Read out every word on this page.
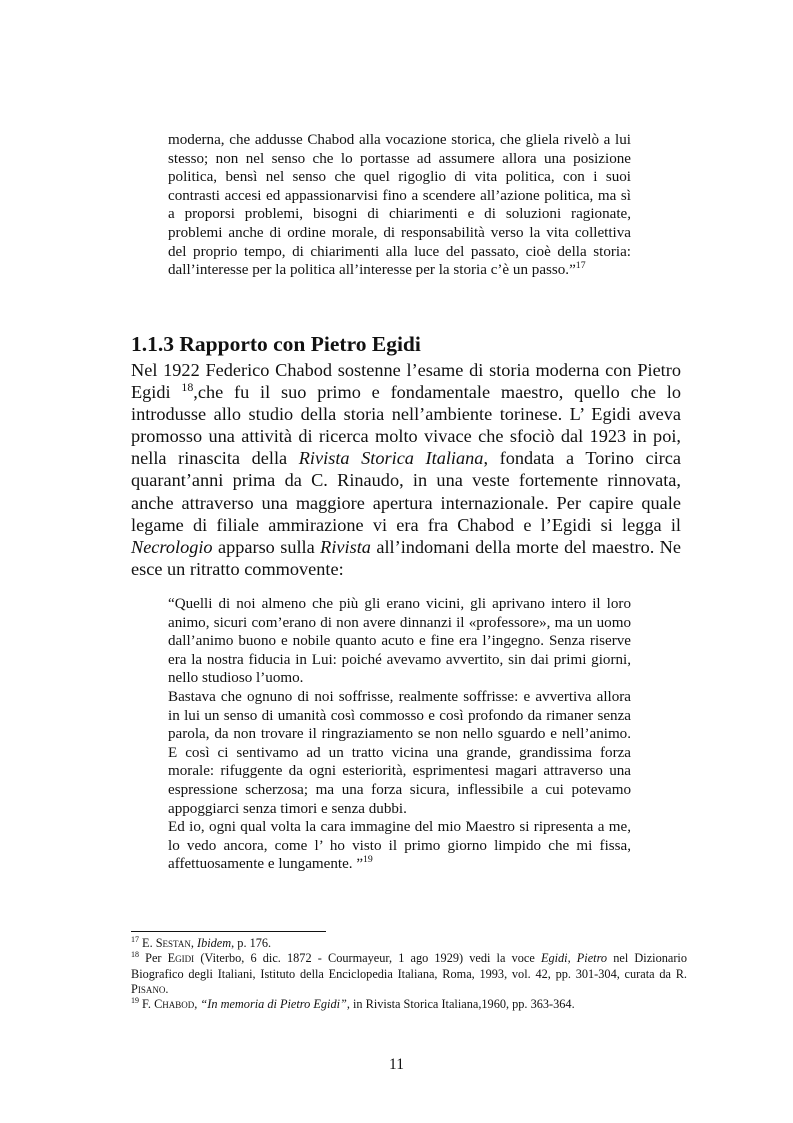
moderna, che addusse Chabod alla vocazione storica, che gliela rivelò a lui stesso; non nel senso che lo portasse ad assumere allora una posizione politica, bensì nel senso che quel rigoglio di vita politica, con i suoi contrasti accesi ed appassionarvisi fino a scendere all’azione politica, ma sì a proporsi problemi, bisogni di chiarimenti e di soluzioni ragionate, problemi anche di ordine morale, di responsabilità verso la vita collettiva del proprio tempo, di chiarimenti alla luce del passato, cioè della storia: dall’interesse per la politica all’interesse per la storia c’è un passo.”$^{17}$
1.1.3 Rapporto con Pietro Egidi

Nel 1922 Federico Chabod sostenne l’esame di storia moderna con Pietro Egidi $^{18}$,che fu il suo primo e fondamentale maestro, quello che lo introdusse allo studio della storia nell’ambiente torinese. L’ Egidi aveva promosso una attività di ricerca molto vivace che sfociò dal 1923 in poi, nella rinascita della Rivista Storica Italiana, fondata a Torino circa quarant’anni prima da C. Rinaudo, in una veste fortemente rinnovata, anche attraverso una maggiore apertura internazionale. Per capire quale legame di filiale ammirazione vi era fra Chabod e l’Egidi si legga il Necrologio apparso sulla Rivista all’indomani della morte del maestro. Ne esce un ritratto commovente:

“Quelli di noi almeno che più gli erano vicini, gli aprivano intero il loro animo, sicuri com’erano di non avere dinnanzi il «professore», ma un uomo dall’animo buono e nobile quanto acuto e fine era l’ingegno. Senza riserve era la nostra fiducia in Lui: poiché avevamo avvertito, sin dai primi giorni, nello studioso l’uomo.

Bastava che ognuno di noi soffrisse, realmente soffrisse: e avvertiva allora in lui un senso di umanità così commosso e così profondo da rimaner senza parola, da non trovare il ringraziamento se non nello sguardo e nell’animo. E così ci sentivamo ad un tratto vicina una grande, grandissima forza morale: rifuggente da ogni esteriorità, esprimentesi magari attraverso una espressione scherzosa; ma una forza sicura, inflessibile a cui potevamo appoggiarci senza timori e senza dubbi.

Ed io, ogni qual volta la cara immagine del mio Maestro si ripresenta a me, lo vedo ancora, come l’ ho visto il primo giorno limpido che mi fissa, affettuosamente e lungamente. ”$^{19}$

$^{17}$ E. Sestan, Ibidem, p. 176.

$^{18}$ Per Egidi (Viterbo, 6 dic. 1872 - Courmayeur, 1 ago 1929) vedi la voce Egidi, Pietro nel Dizionario Biografico degli Italiani, Istituto della Enciclopedia Italiana, Roma, 1993, vol. 42, pp. 301-304, curata da R. Pisano.

$^{19}$ F. Chabod, “In memoria di Pietro Egidi”, in Rivista Storica Italiana,1960, pp. 363-364.

11
